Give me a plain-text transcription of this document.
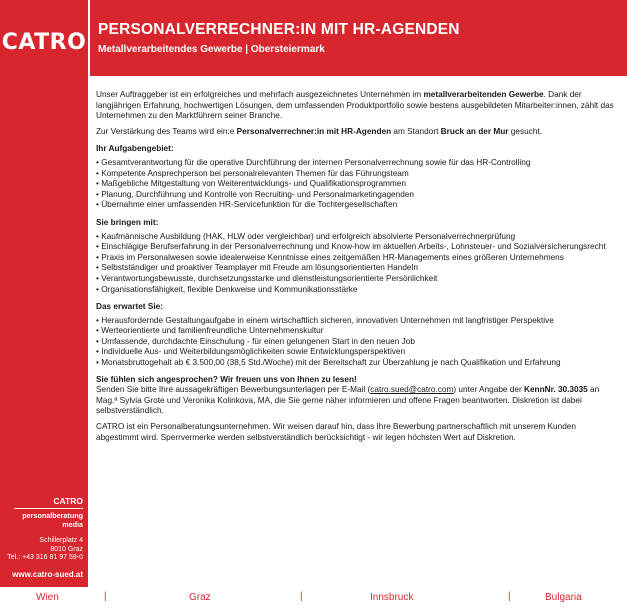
CATRO
CATRO
personalberatung
media
Schillerplatz 4
8010 Graz
Tel.: +43 316 81 97 59-0
www.catro-sued.at
PERSONALVERRECHNER:IN MIT HR-AGENDEN
Metallverarbeitendes Gewerbe | Obersteiermark

Unser Auftraggeber ist ein erfolgreiches und mehrfach ausgezeichnetes Unternehmen im metallverarbeitenden Gewerbe. Dank der langjährigen Erfahrung, hochwertigen Lösungen, dem umfassenden Produktportfolio sowie bestens ausgebildeten Mitarbeiter:innen, zählt das Unternehmen zu den Marktführern seiner Branche.

Zur Verstärkung des Teams wird ein:e Personalverrechner:in mit HR-Agenden am Standort Bruck an der Mur gesucht.

Ihr Aufgabengebiet:
• Gesamtverantwortung für die operative Durchführung der internen Personalverrechnung sowie für das HR-Controlling
• Kompetente Ansprechperson bei personalrelevanten Themen für das Führungsteam
• Maßgebliche Mitgestaltung von Weiterentwicklungs- und Qualifikationsprogrammen
• Planung, Durchführung und Kontrolle von Recruiting- und Personalmarketingagenden
• Übernahme einer umfassenden HR-Servicefunktion für die Tochtergesellschaften
Sie bringen mit:
• Kaufmännische Ausbildung (HAK, HLW oder vergleichbar) und erfolgreich absolvierte Personalverrechnerprüfung
• Einschlägige Berufserfahrung in der Personalverrechnung und Know-how im aktuellen Arbeits-, Lohnsteuer- und Sozialversicherungsrecht
• Praxis im Personalwesen sowie idealerweise Kenntnisse eines zeitgemäßen HR-Managements eines größeren Unternehmens
• Selbstständiger und proaktiver Teamplayer mit Freude am lösungsorientierten Handeln
• Verantwortungsbewusste, durchsetzungsstarke und dienstleistungsorientierte Persönlichkeit
• Organisationsfähigkeit, flexible Denkweise und Kommunikationsstärke
Das erwartet Sie:
• Herausfordernde Gestaltungaufgabe in einem wirtschaftlich sicheren, innovativen Unternehmen mit langfristiger Perspektive
• Werteorientierte und familienfreundliche Unternehmenskultur
• Umfassende, durchdachte Einschulung - für einen gelungenen Start in den neuen Job
• Individuelle Aus- und Weiterbildungsmöglichkeiten sowie Entwicklungsperspektiven
• Monatsbruttogehalt ab € 3.500,00 (38,5 Std./Woche) mit der Bereitschaft zur Überzahlung je nach Qualifikation und Erfahrung
Sie fühlen sich angesprochen? Wir freuen uns von Ihnen zu lesen!

Senden Sie bitte Ihre aussagekräftigen Bewerbungsunterlagen per E-Mail (catro.sued@catro.com) unter Angabe der KennNr. 30.3035 an Mag.ª Sylvia Grote und Veronika Kolinkova, MA, die Sie gerne näher informieren und offene Fragen beantworten. Diskretion ist dabei selbstverständlich.

CATRO ist ein Personalberatungsunternehmen. Wir weisen darauf hin, dass Ihre Bewerbung partnerschaftlich mit unserem Kunden abgestimmt wird. Sperrvermerke werden selbstverständlich berücksichtigt - wir legen höchsten Wert auf Diskretion.

Wien	|	Graz	|	Innsbruck	|	Bulgaria
